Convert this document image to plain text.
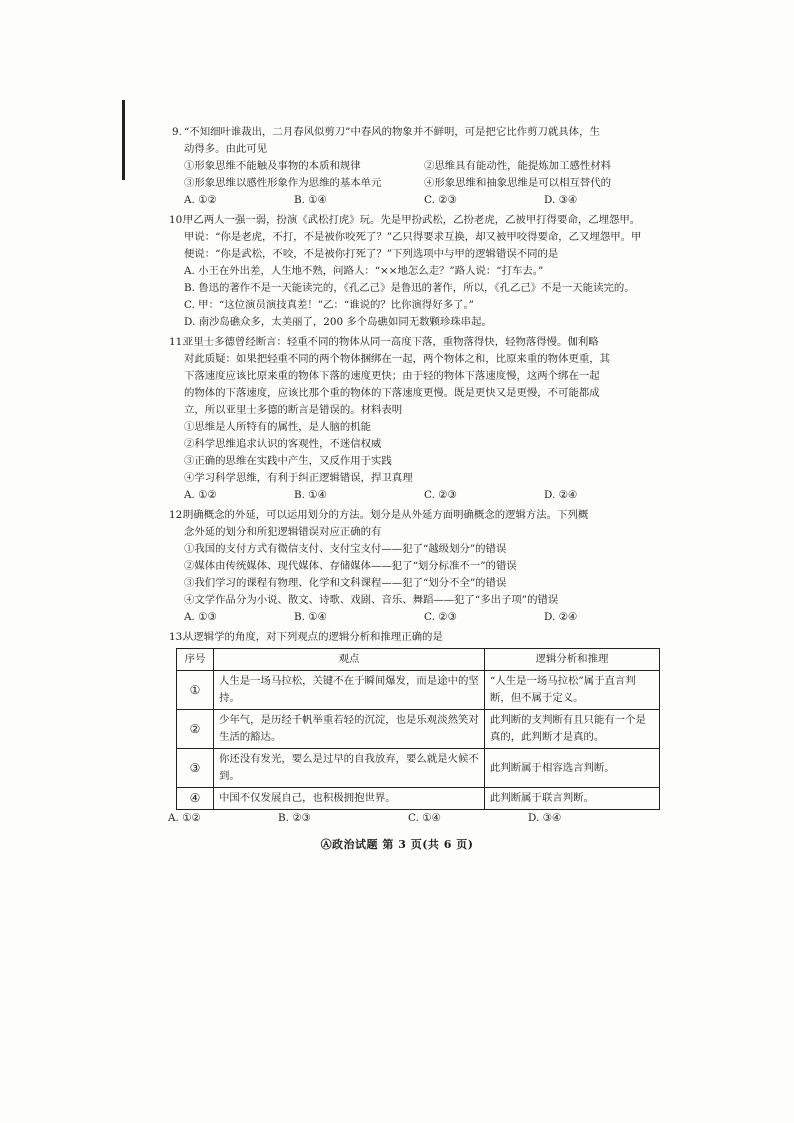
9. “不知细叶谁裁出，二月春风似剪刀”中春风的物象并不鲜明，可是把它比作剪刀就具体，生
动得多。由此可见
①形象思维不能触及事物的本质和规律	②思维具有能动性，能提炼加工感性材料
③形象思维以感性形象作为思维的基本单元	④形象思维和抽象思维是可以相互替代的
A. ①②	B. ①④	C. ②③	D. ③④
10.
甲乙两人一强一弱，扮演《武松打虎》玩。先是甲扮武松，乙扮老虎，乙被甲打得要命，乙埋怨甲。
甲说：“你是老虎，不打，不是被你咬死了？”乙只得要求互换，却又被甲咬得要命，乙又埋怨甲。甲
便说：“你是武松，不咬，不是被你打死了？”下列选项中与甲的逻辑错误不同的是
A. 小王在外出差，人生地不熟，问路人：“××地怎么走？”路人说：“打车去。”
B. 鲁迅的著作不是一天能读完的，《孔乙己》是鲁迅的著作，所以，《孔乙己》不是一天能读完的。
C. 甲：“这位演员演技真差！”乙：“谁说的？比你演得好多了。”
D. 南沙岛礁众多，太美丽了，200 多个岛礁如同无数颗珍珠串起。
11.
亚里士多德曾经断言：轻重不同的物体从同一高度下落，重物落得快，轻物落得慢。伽利略
对此质疑：如果把轻重不同的两个物体捆绑在一起，两个物体之和，比原来重的物体更重，其
下落速度应该比原来重的物体下落的速度更快；由于轻的物体下落速度慢，这两个绑在一起
的物体的下落速度，应该比那个重的物体的下落速度更慢。既是更快又是更慢，不可能都成
立，所以亚里士多德的断言是错误的。材料表明
①思维是人所特有的属性，是人脑的机能
②科学思维追求认识的客观性，不迷信权威
③正确的思维在实践中产生，又反作用于实践
④学习科学思维，有利于纠正逻辑错误，捍卫真理
A. ①②	B. ①④	C. ②③	D. ②④
12.
明确概念的外延，可以运用划分的方法。划分是从外延方面明确概念的逻辑方法。下列概
念外延的划分和所犯逻辑错误对应正确的有
①我国的支付方式有微信支付、支付宝支付——犯了“越级划分”的错误
②媒体由传统媒体、现代媒体、存储媒体——犯了“划分标准不一”的错误
③我们学习的课程有物理、化学和文科课程——犯了“划分不全”的错误
④文学作品分为小说、散文、诗歌、戏剧、音乐、舞蹈——犯了“多出子项”的错误
A. ①③	B. ①④	C. ②③	D. ②④
13.
从逻辑学的角度，对下列观点的逻辑分析和推理正确的是
序号	观点	逻辑分析和推理
①	人生是一场马拉松，关键不在于瞬间爆发，而是途中的坚持。	“人生是一场马拉松”属于直言判断，但不属于定义。
②	少年气，是历经千帆举重若轻的沉淀，也是乐观淡然笑对生活的豁达。	此判断的支判断有且只能有一个是真的，此判断才是真的。
③	你还没有发光，要么是过早的自我放弃，要么就是火候不到。	此判断属于相容选言判断。
④	中国不仅发展自己，也积极拥抱世界。	此判断属于联言判断。
A. ①②	B. ②③	C. ①④	D. ③④
Ⓐ政治试题 第 3 页(共 6 页)
